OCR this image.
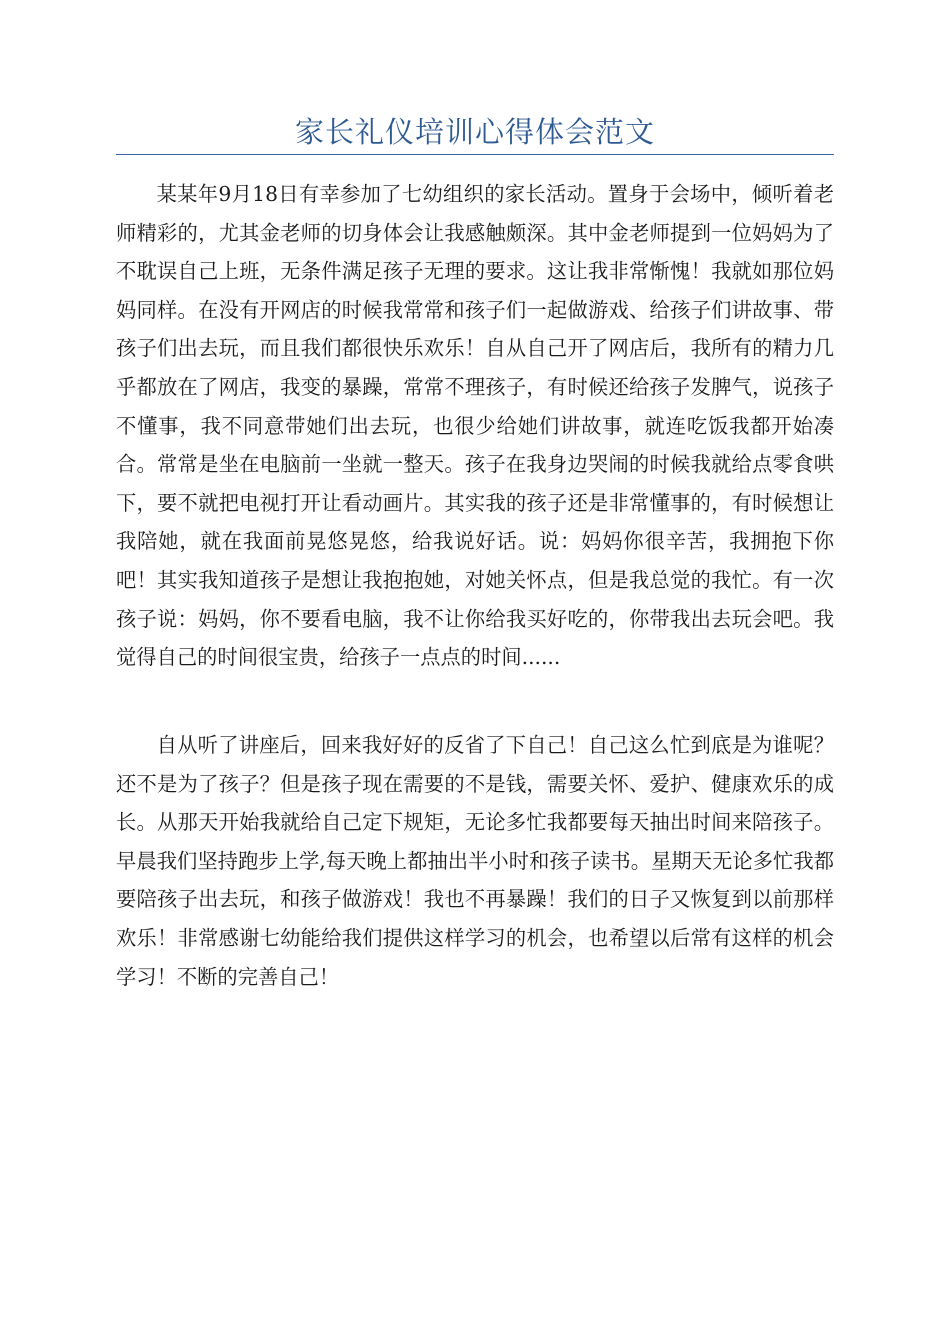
家长礼仪培训心得体会范文

某某年9月18日有幸参加了七幼组织的家长活动。置身于会场中，倾听着老师精彩的，尤其金老师的切身体会让我感触颇深。其中金老师提到一位妈妈为了不耽误自己上班，无条件满足孩子无理的要求。这让我非常惭愧！我就如那位妈妈同样。在没有开网店的时候我常常和孩子们一起做游戏、给孩子们讲故事、带孩子们出去玩，而且我们都很快乐欢乐！自从自己开了网店后，我所有的精力几乎都放在了网店，我变的暴躁，常常不理孩子，有时候还给孩子发脾气，说孩子不懂事，我不同意带她们出去玩，也很少给她们讲故事，就连吃饭我都开始凑合。常常是坐在电脑前一坐就一整天。孩子在我身边哭闹的时候我就给点零食哄下，要不就把电视打开让看动画片。其实我的孩子还是非常懂事的，有时候想让我陪她，就在我面前晃悠晃悠，给我说好话。说：妈妈你很辛苦，我拥抱下你吧！其实我知道孩子是想让我抱抱她，对她关怀点，但是我总觉的我忙。有一次孩子说：妈妈，你不要看电脑，我不让你给我买好吃的，你带我出去玩会吧。我觉得自己的时间很宝贵，给孩子一点点的时间......

自从听了讲座后，回来我好好的反省了下自己！自己这么忙到底是为谁呢？还不是为了孩子？但是孩子现在需要的不是钱，需要关怀、爱护、健康欢乐的成长。从那天开始我就给自己定下规矩，无论多忙我都要每天抽出时间来陪孩子。早晨我们坚持跑步上学,每天晚上都抽出半小时和孩子读书。星期天无论多忙我都要陪孩子出去玩，和孩子做游戏！我也不再暴躁！我们的日子又恢复到以前那样欢乐！非常感谢七幼能给我们提供这样学习的机会，也希望以后常有这样的机会学习！不断的完善自己！
